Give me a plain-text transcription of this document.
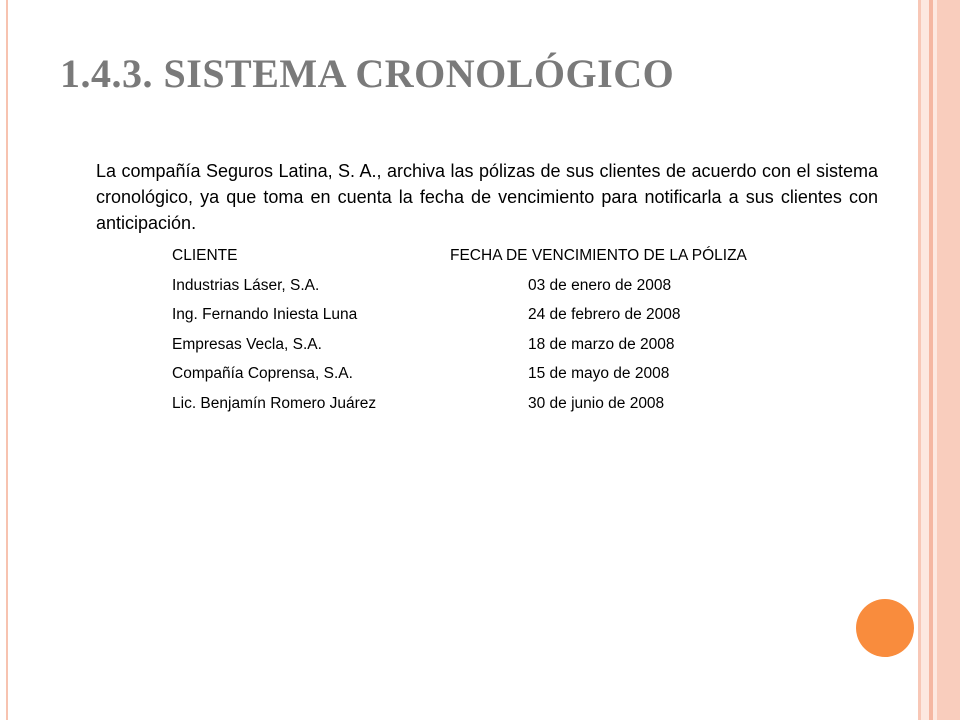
1.4.3. SISTEMA CRONOLÓGICO

La compañía Seguros Latina, S. A., archiva las pólizas de sus clientes de acuerdo con el sistema cronológico, ya que toma en cuenta la fecha de vencimiento para notificarla a sus clientes con anticipación.

CLIENTE	FECHA DE VENCIMIENTO DE LA PÓLIZA
Industrias Láser, S.A.	03 de enero de 2008
Ing. Fernando Iniesta Luna	24 de febrero de 2008
Empresas Vecla, S.A.	18 de marzo de 2008
Compañía Coprensa, S.A.	15 de mayo de 2008
Lic. Benjamín Romero Juárez	30 de junio de 2008
